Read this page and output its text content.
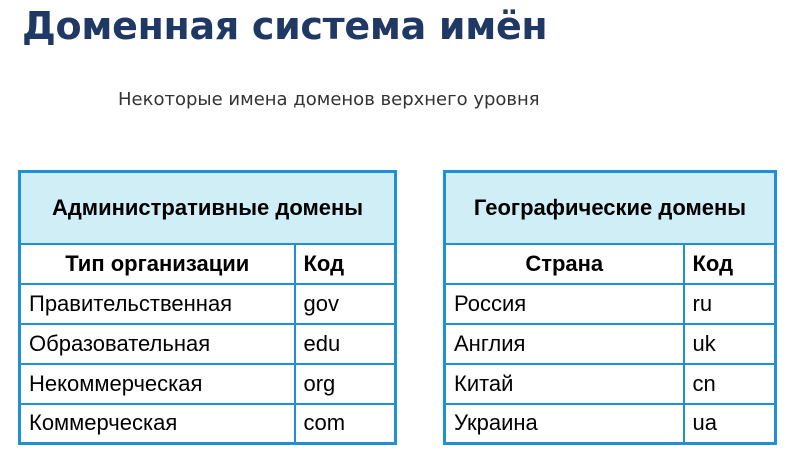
Доменная система имён

Некоторые имена доменов верхнего уровня

Административные домены	
Тип организации	Код
Правительственная	gov
Образовательная	edu
Некоммерческая	org
Коммерческая	com
Географические домены	
Страна	Код
Россия	ru
Англия	uk
Китай	cn
Украина	ua
